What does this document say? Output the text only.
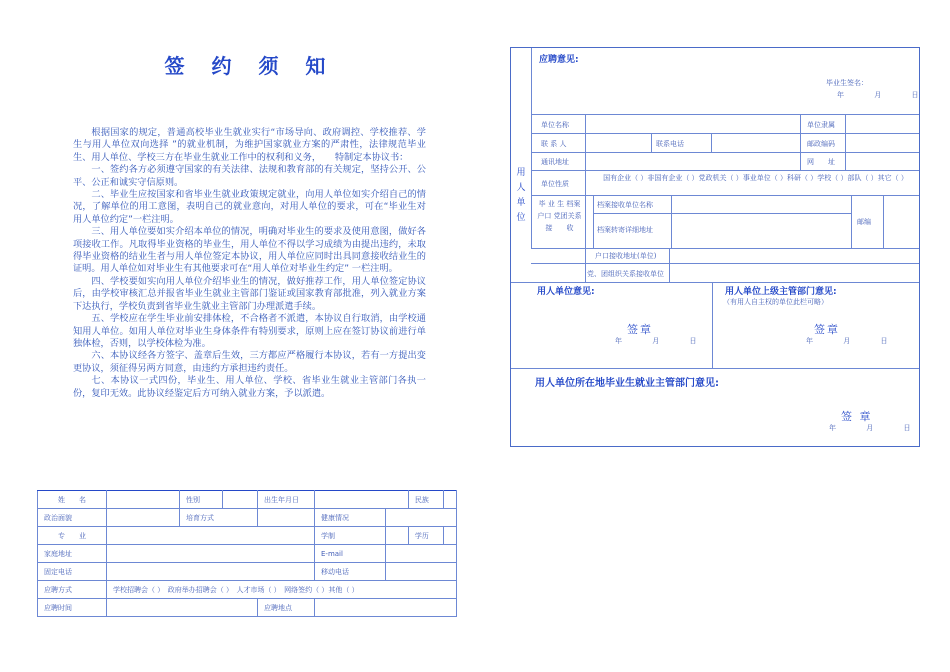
签 约 须 知

根据国家的规定，普通高校毕业生就业实行“市场导向、政府调控、学校推荐、学生与用人单位双向选择 ”的就业机制，为维护国家就业方案的严肃性，法律规范毕业生、用人单位、学校三方在毕业生就业工作中的权利和义务，　　特制定本协议书：

一、签约各方必须遵守国家的有关法律、法规和教育部的有关规定，坚持公开、公平、公正和诚实守信原则。

二、毕业生应按国家和省毕业生就业政策规定就业，向用人单位如实介绍自己的情况，了解单位的用工意图，表明自己的就业意向，对用人单位的要求，可在“毕业生对用人单位约定”一栏注明。

三、用人单位要如实介绍本单位的情况，明确对毕业生的要求及使用意图，做好各项接收工作。凡取得毕业资格的毕业生，用人单位不得以学习成绩为由提出违约，未取得毕业资格的结业生者与用人单位签定本协议，用人单位应同时出具同意接收结业生的证明。用人单位如对毕业生有其他要求可在“用人单位对毕业生约定” 一栏注明。

四、学校要如实向用人单位介绍毕业生的情况，做好推荐工作，用人单位签定协议后，由学校审核汇总并报省毕业生就业主管部门鉴证或国家教育部批准，列入就业方案下达执行，学校负责到省毕业生就业主管部门办理派遣手续。

五、学校应在学生毕业前安排体检，不合格者不派遣，本协议自行取消，由学校通知用人单位。如用人单位对毕业生身体条件有特别要求，原则上应在签订协议前进行单独体检，否则，以学校体检为准。

六、本协议经各方签字、盖章后生效，三方都应严格履行本协议，若有一方提出变更协议，须征得另两方同意，由违约方承担违约责任。

七、本协议一式四份，毕业生、用人单位、学校、省毕业生就业主管部门各执一份，复印无效。此协议经鉴定后方可纳入就业方案，予以派遣。

应聘意见:
毕业生签名：
年 月 日
用人单位
单位名称	单位隶属
联 系 人	联系电话	邮政编码
通讯地址	网　　址
单位性质
国有企业（ ）非国有企业（ ）党政机关（ ）事业单位（ ）科研（ ）学校（ ）部队（ ）其它（ ）
毕 业 生 档案户口 党团关系 接　　收
档案接收单位名称
档案转寄详细地址
邮编
户口接收地址(单位)
党、团组织关系接收单位
用人单位意见:	用人单位上级主管部门意见:
（有用人自主权的单位此栏可略）
签章
年 月 日
签章
年 月 日
用人单位所在地毕业生就业主管部门意见:
签 章
年 月 日
姓　　名		性别		出生年月日			民族	
政治面貌		培育方式			健康情况			
专　　业					学制		学历	
家庭地址					E-mail			
固定电话					移动电话			
应聘方式	学校招聘会（ ）　政府举办招聘会（ ）　人才市场（ ）　网络签约（ ）其他（ ）							
应聘时间				应聘地点				
